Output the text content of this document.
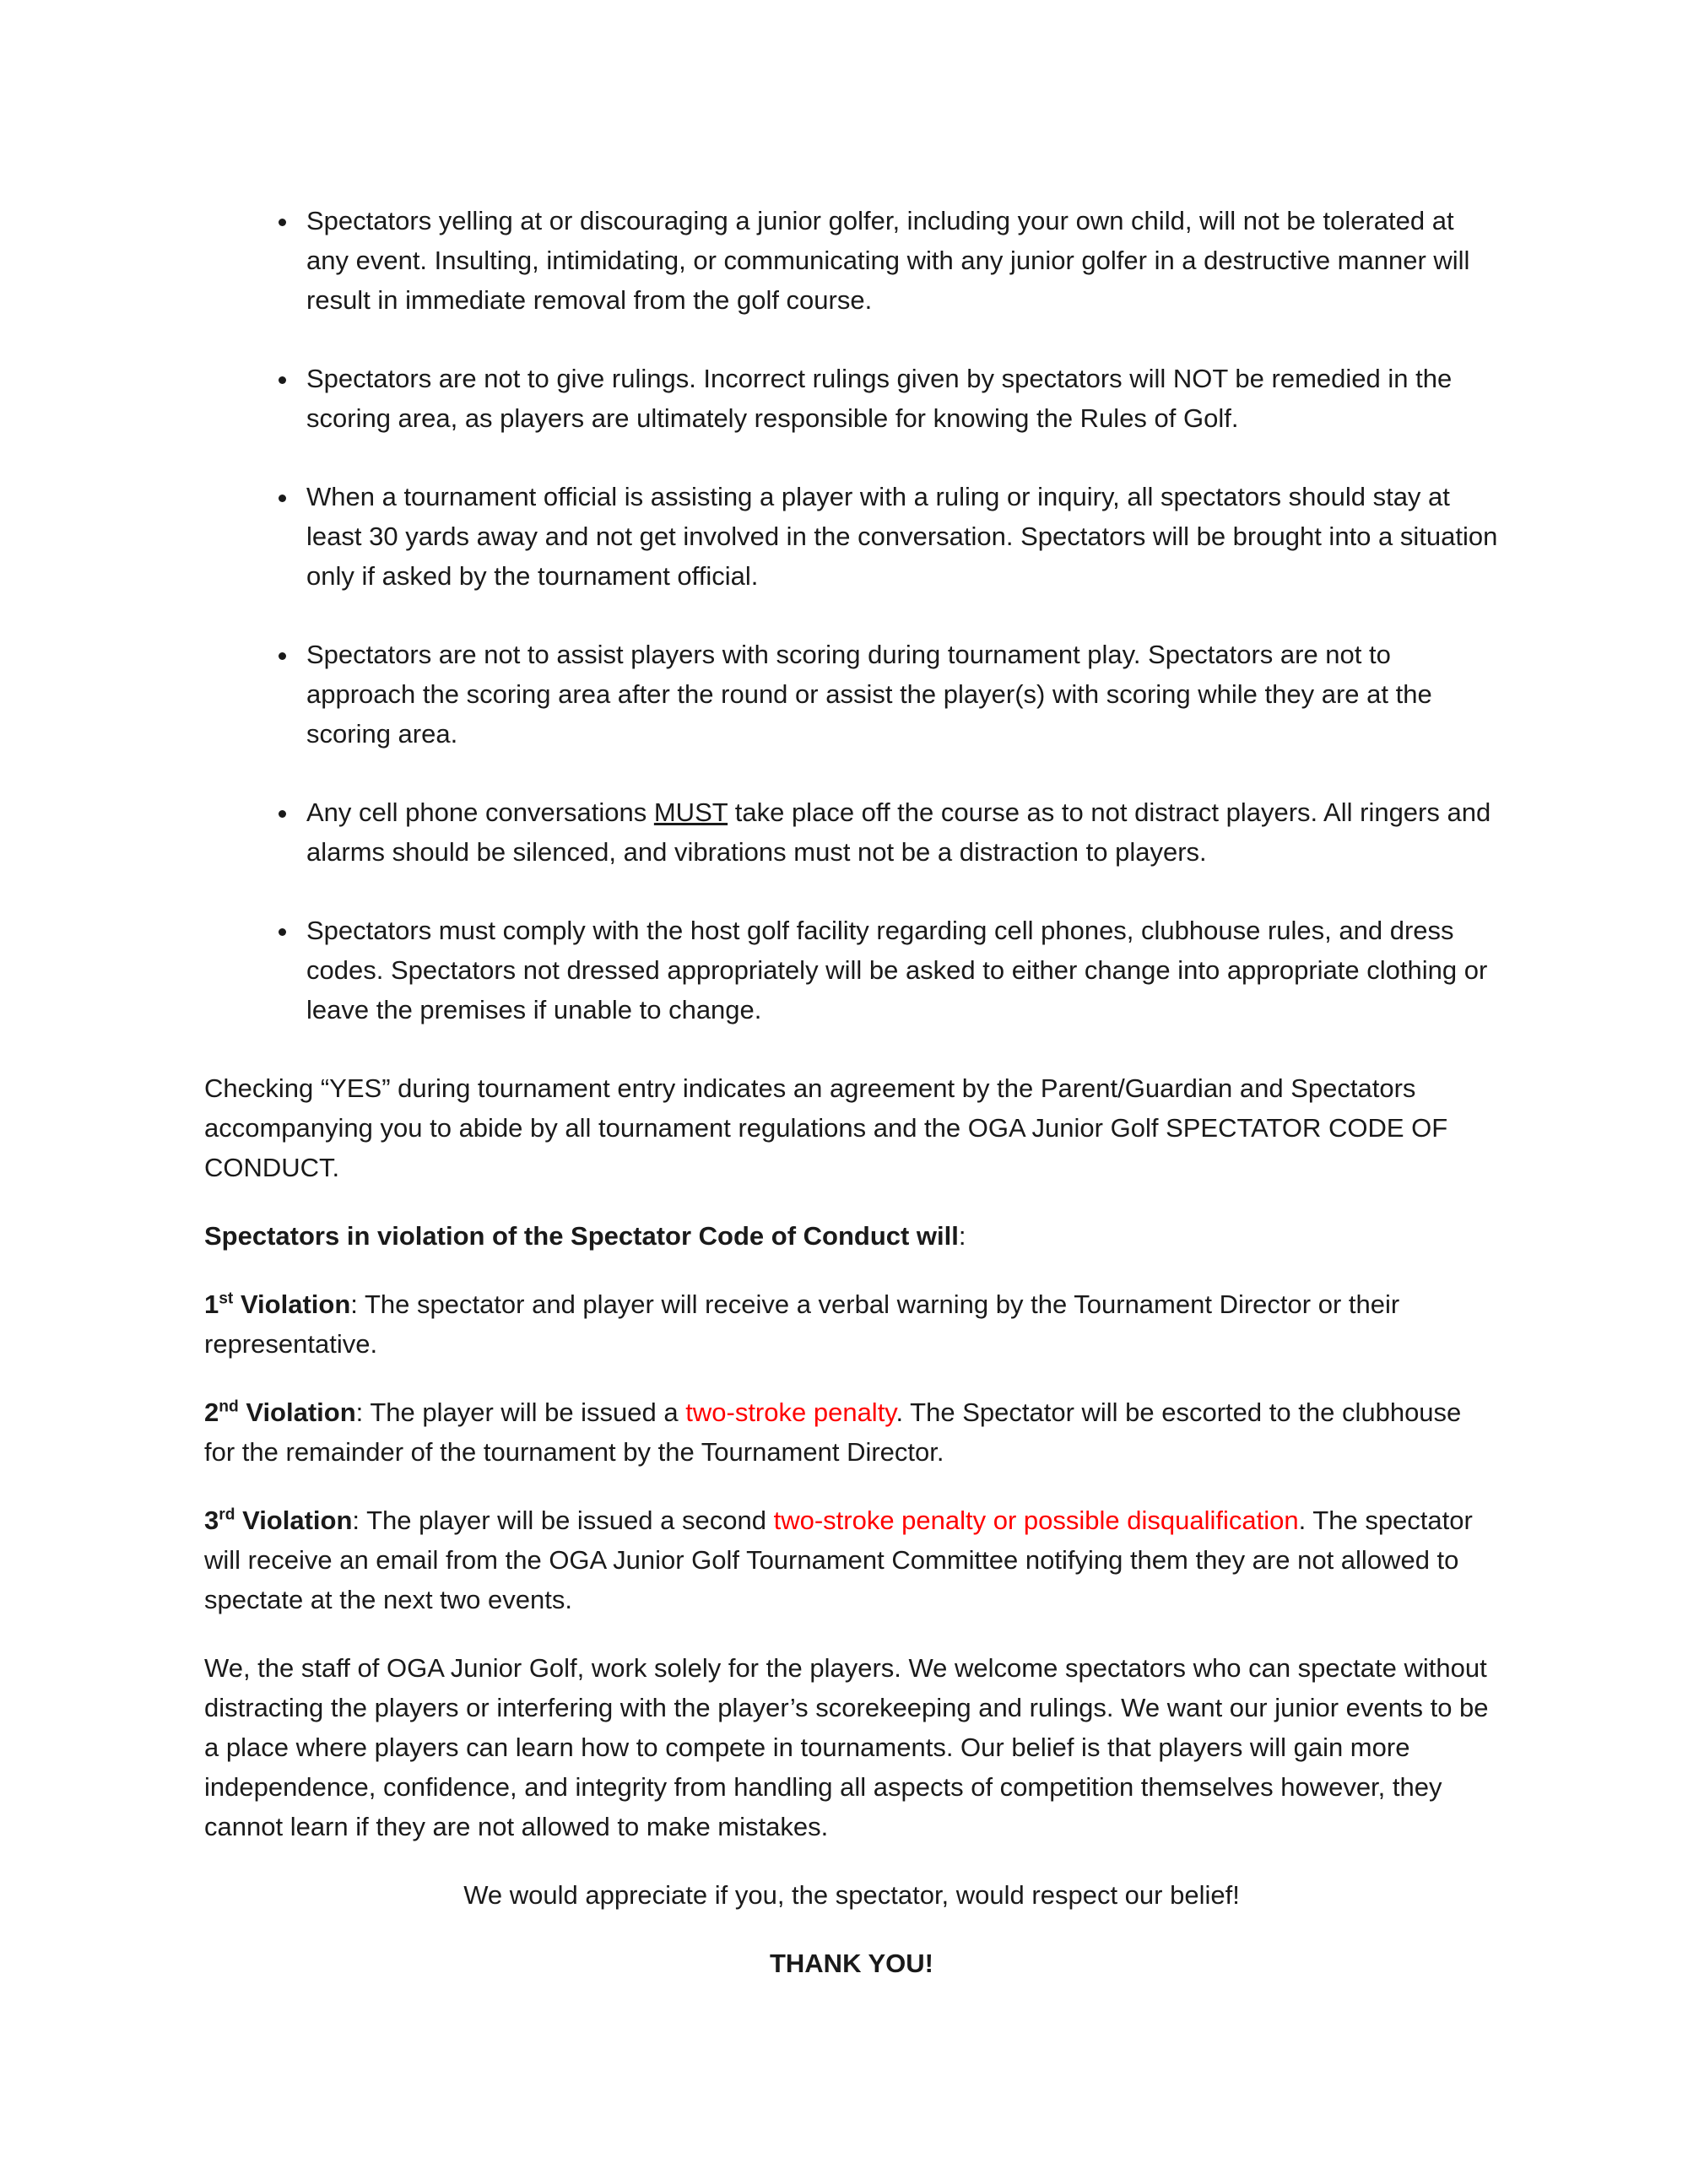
• Spectators yelling at or discouraging a junior golfer, including your own child, will not be tolerated at any event. Insulting, intimidating, or communicating with any junior golfer in a destructive manner will result in immediate removal from the golf course.
• Spectators are not to give rulings. Incorrect rulings given by spectators will NOT be remedied in the scoring area, as players are ultimately responsible for knowing the Rules of Golf.
• When a tournament official is assisting a player with a ruling or inquiry, all spectators should stay at least 30 yards away and not get involved in the conversation. Spectators will be brought into a situation only if asked by the tournament official.
• Spectators are not to assist players with scoring during tournament play. Spectators are not to approach the scoring area after the round or assist the player(s) with scoring while they are at the scoring area.
• Any cell phone conversations MUST take place off the course as to not distract players. All ringers and alarms should be silenced, and vibrations must not be a distraction to players.
• Spectators must comply with the host golf facility regarding cell phones, clubhouse rules, and dress codes. Spectators not dressed appropriately will be asked to either change into appropriate clothing or leave the premises if unable to change.

Checking “YES” during tournament entry indicates an agreement by the Parent/Guardian and Spectators accompanying you to abide by all tournament regulations and the OGA Junior Golf SPECTATOR CODE OF CONDUCT.

Spectators in violation of the Spectator Code of Conduct will:

1st Violation: The spectator and player will receive a verbal warning by the Tournament Director or their representative.

2nd Violation: The player will be issued a two-stroke penalty. The Spectator will be escorted to the clubhouse for the remainder of the tournament by the Tournament Director.

3rd Violation: The player will be issued a second two-stroke penalty or possible disqualification. The spectator will receive an email from the OGA Junior Golf Tournament Committee notifying them they are not allowed to spectate at the next two events.

We, the staff of OGA Junior Golf, work solely for the players. We welcome spectators who can spectate without distracting the players or interfering with the player’s scorekeeping and rulings. We want our junior events to be a place where players can learn how to compete in tournaments. Our belief is that players will gain more independence, confidence, and integrity from handling all aspects of competition themselves however, they cannot learn if they are not allowed to make mistakes.

We would appreciate if you, the spectator, would respect our belief!

THANK YOU!
